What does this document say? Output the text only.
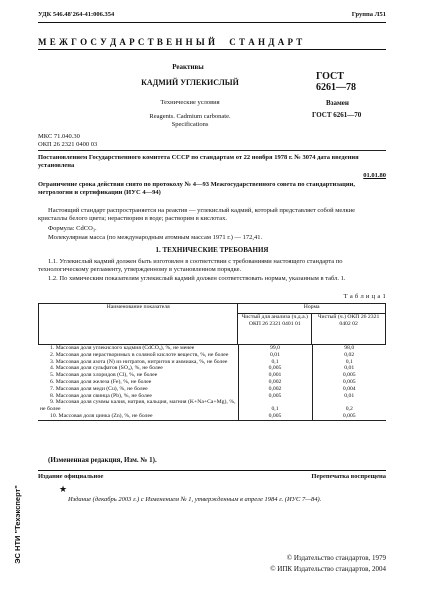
УДК 546.48'264-41:006.354	Группа Л51
М Е Ж Г О С У Д А Р С Т В Е Н Н Ы Й     С Т А Н Д А Р Т
Реактивы
КАДМИЙ УГЛЕКИСЛЫЙ
Технические условия
Reagents. Cadmium carbonate.
Specifications
ГОСТ
6261—78
Взамен
ГОСТ 6261—70
МКС 71.040.30
ОКП 26 2321 0400 03
Постановлением Государственного комитета СССР по стандартам от 22 ноября 1978 г. № 3074 дата введения установлена
01.01.80
Ограничение срока действия снято по протоколу № 4—93 Межгосударственного совета по стандартизации, метрологии и сертификации (ИУС 4—94)
Настоящий стандарт распространяется на реактив — углекислый кадмий, который представляет собой мелкие кристаллы белого цвета; нерастворим в воде; растворим в кислотах.
Формула: CdCO₃.
Молекулярная масса (по международным атомным массам 1971 г.) — 172,41.
1. ТЕХНИЧЕСКИЕ ТРЕБОВАНИЯ
1.1. Углекислый кадмий должен быть изготовлен в соответствии с требованиями настоящего стандарта по технологическому регламенту, утвержденному в установленном порядке.
1.2. По химическим показателям углекислый кадмий должен соответствовать нормам, указанным в табл. 1.
Т а б л и ц а 1
Наименование показателя	Норма	
	Чистый для анализа (ч.д.а.) ОКП 26 2321 0401 01	Чистый (ч.) ОКП 26 2321 0402 02
1. Массовая доля углекислого кадмия (CdCO₃), %, не менее	99,0	98,0
2. Массовая доля нерастворимых в соляной кислоте веществ, %, не более	0,01	0,02
3. Массовая доля азота (N) из нитратов, нитритов и аммиака, %, не более	0,1	0,1
4. Массовая доля сульфатов (SO₄), %, не более	0,005	0,01
5. Массовая доля хлоридов (Cl), %, не более	0,001	0,005
6. Массовая доля железа (Fe), %, не более	0,002	0,005
7. Массовая доля меди (Cu), %, не более	0,002	0,004
8. Массовая доля свинца (Pb), %, не более	0,005	0,01
9. Массовая доля суммы калия, натрия, кальция, магния (K+Na+Ca+Mg), %, не более	0,1	0,2
10. Массовая доля цинка (Zn), %, не более	0,005	0,005
(Измененная редакция, Изм. № 1).
Издание официальное	Перепечатка воспрещена
★
Издание (декабрь 2003 г.) с Изменением № 1, утвержденным в апреле 1984 г. (ИУС 7—84).
© Издательство стандартов, 1979
© ИПК Издательство стандартов, 2004
ЭС НТИ "Техэксперт"
